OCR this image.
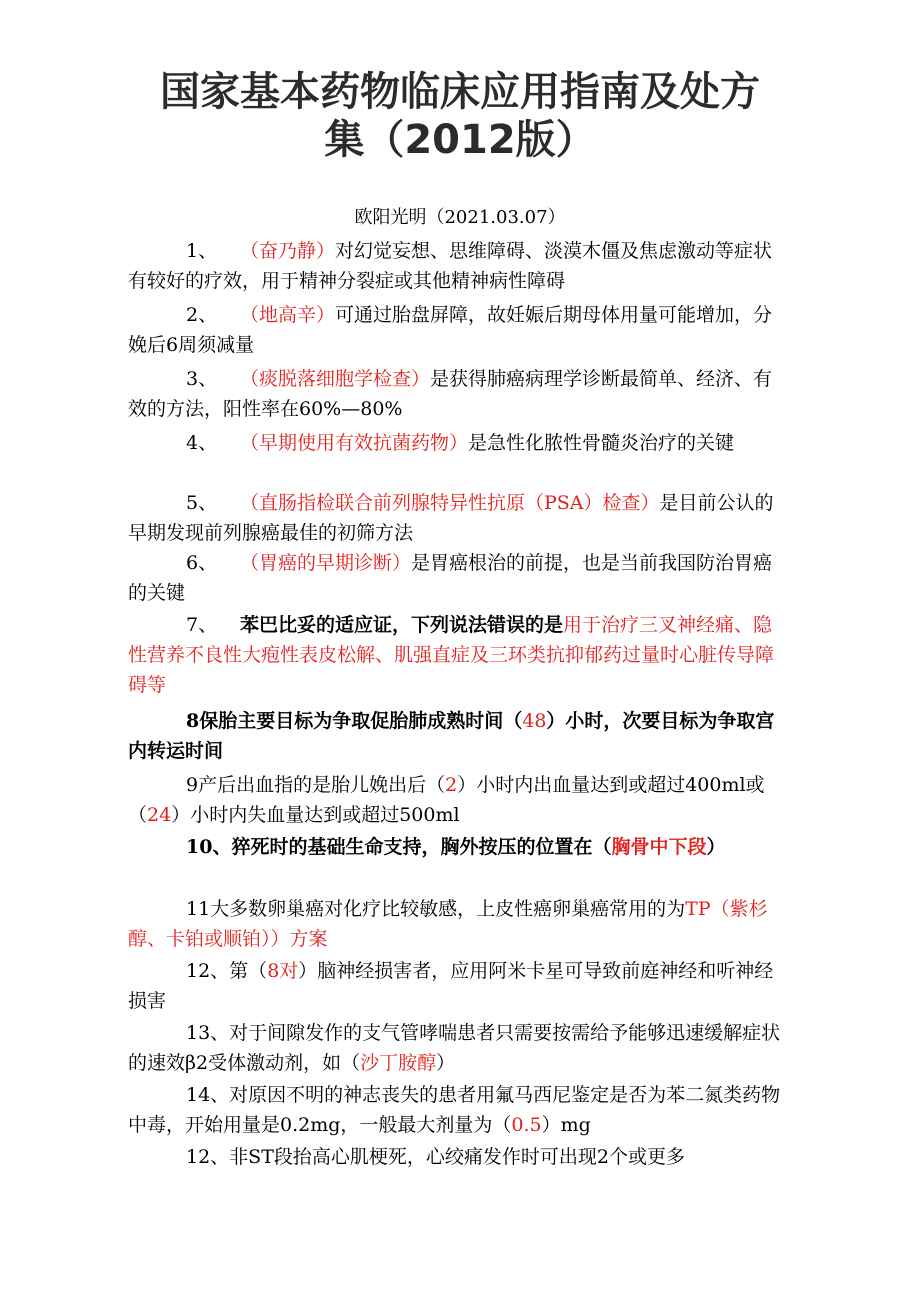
国家基本药物临床应用指南及处方
集（2012版）
欧阳光明（2021.03.07）

1、 （奋乃静）对幻觉妄想、思维障碍、淡漠木僵及焦虑激动等症状有较好的疗效，用于精神分裂症或其他精神病性障碍

2、 （地高辛）可通过胎盘屏障，故妊娠后期母体用量可能增加，分娩后6周须减量

3、 （痰脱落细胞学检查）是获得肺癌病理学诊断最简单、经济、有效的方法，阳性率在60%—80%

4、 （早期使用有效抗菌药物）是急性化脓性骨髓炎治疗的关键

5、 （直肠指检联合前列腺特异性抗原（PSA）检查）是目前公认的早期发现前列腺癌最佳的初筛方法

6、 （胃癌的早期诊断）是胃癌根治的前提，也是当前我国防治胃癌的关键

7、 苯巴比妥的适应证，下列说法错误的是用于治疗三叉神经痛、隐性营养不良性大疱性表皮松解、肌强直症及三环类抗抑郁药过量时心脏传导障碍等

8保胎主要目标为争取促胎肺成熟时间（48）小时，次要目标为争取宫内转运时间

9产后出血指的是胎儿娩出后（2）小时内出血量达到或超过400ml或（24）小时内失血量达到或超过500ml

10、猝死时的基础生命支持，胸外按压的位置在（胸骨中下段）

11大多数卵巢癌对化疗比较敏感，上皮性癌卵巢癌常用的为TP（紫杉醇、卡铂或顺铂））方案

12、第（8对）脑神经损害者，应用阿米卡星可导致前庭神经和听神经损害

13、对于间隙发作的支气管哮喘患者只需要按需给予能够迅速缓解症状的速效β2受体激动剂，如（沙丁胺醇）

14、对原因不明的神志丧失的患者用氟马西尼鉴定是否为苯二氮类药物中毒，开始用量是0.2mg，一般最大剂量为（0.5）mg

12、非ST段抬高心肌梗死，心绞痛发作时可出现2个或更多
